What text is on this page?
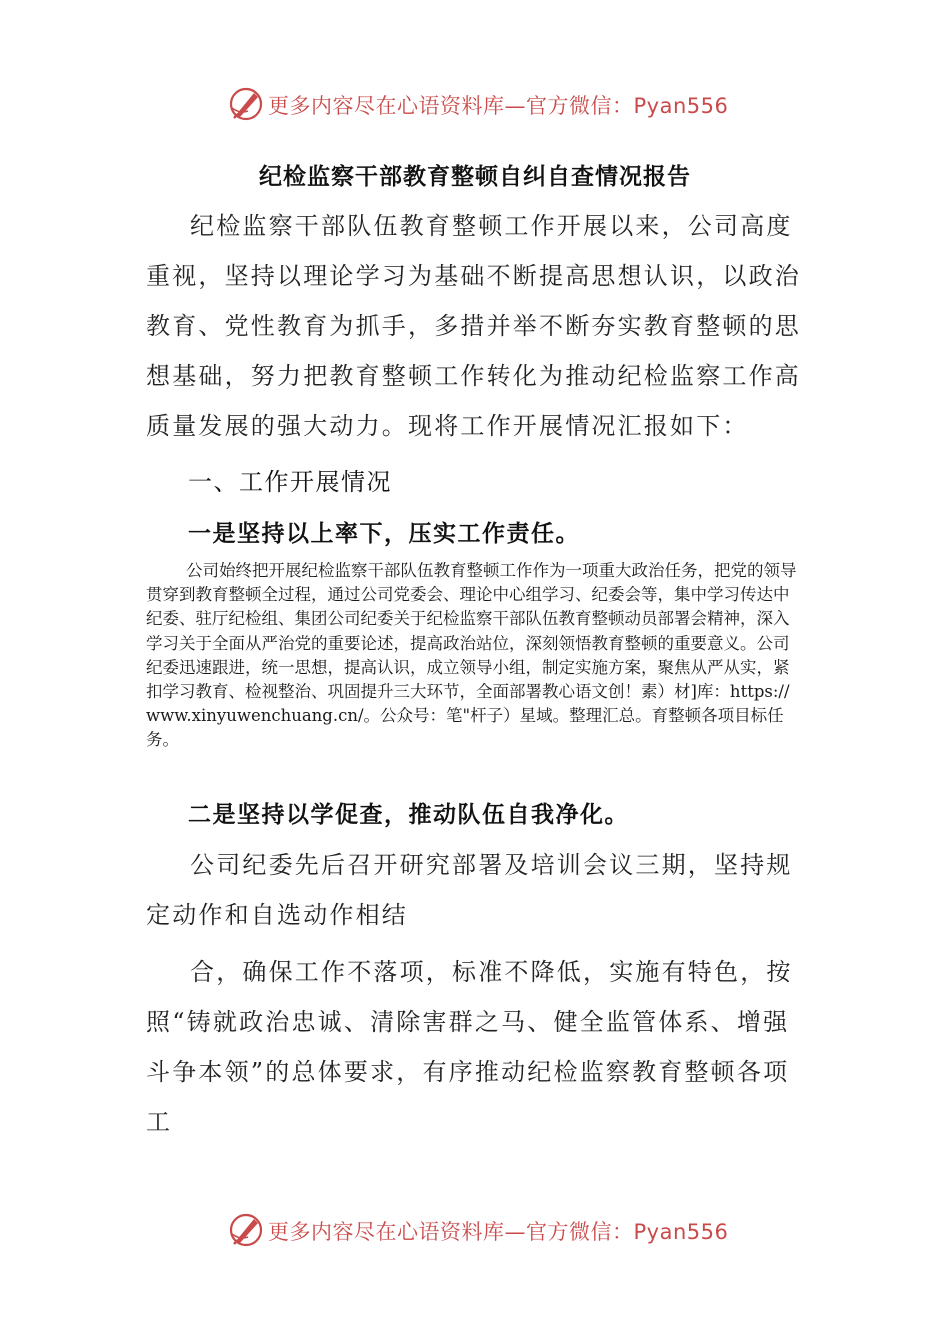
更多内容尽在心语资料库—官方微信：Pyan556
纪检监察干部教育整顿自纠自查情况报告

纪检监察干部队伍教育整顿工作开展以来，公司高度重视，坚持以理论学习为基础不断提高思想认识，以政治教育、党性教育为抓手，多措并举不断夯实教育整顿的思想基础，努力把教育整顿工作转化为推动纪检监察工作高质量发展的强大动力。现将工作开展情况汇报如下：

一、工作开展情况
一是坚持以上率下，压实工作责任。

公司始终把开展纪检监察干部队伍教育整顿工作作为一项重大政治任务，把党的领导贯穿到教育整顿全过程，通过公司党委会、理论中心组学习、纪委会等，集中学习传达中纪委、驻厅纪检组、集团公司纪委关于纪检监察干部队伍教育整顿动员部署会精神，深入学习关于全面从严治党的重要论述，提高政治站位，深刻领悟教育整顿的重要意义。公司纪委迅速跟进，统一思想，提高认识，成立领导小组，制定实施方案，聚焦从严从实，紧扣学习教育、检视整治、巩固提升三大环节，全面部署教心语文创！素）材]库：https://www.xinyuwenchuang.cn/。公众号：笔"杆子）星域。整理汇总。育整顿各项目标任务。

二是坚持以学促查，推动队伍自我净化。

公司纪委先后召开研究部署及培训会议三期，坚持规定动作和自选动作相结

合，确保工作不落项，标准不降低，实施有特色，按照“铸就政治忠诚、清除害群之马、健全监管体系、增强斗争本领”的总体要求，有序推动纪检监察教育整顿各项工

更多内容尽在心语资料库—官方微信：Pyan556
